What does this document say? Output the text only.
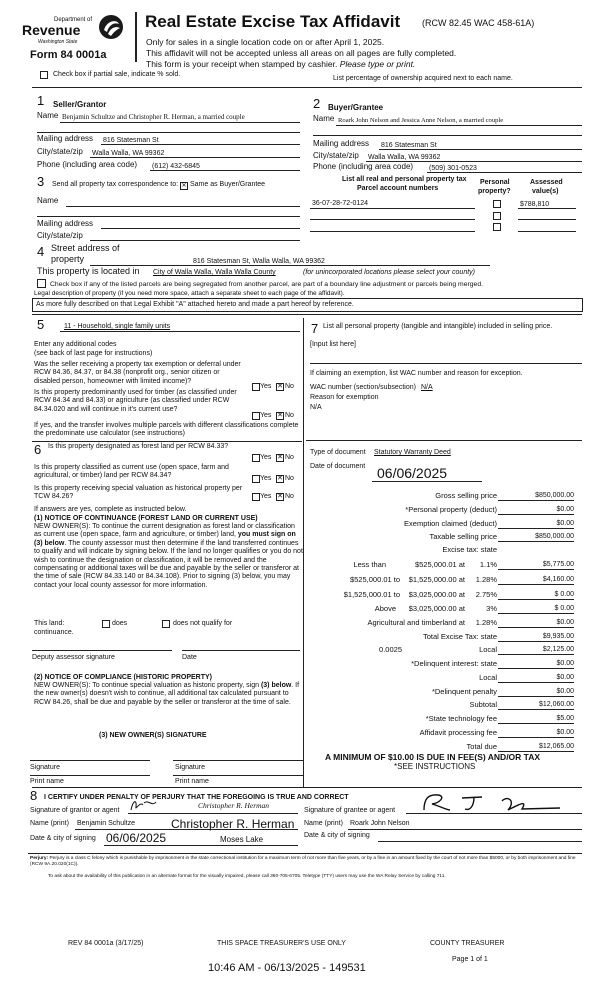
Department of
Revenue
Washington State
Form 84 0001a
Real Estate Excise Tax Affidavit (RCW 82.45 WAC 458-61A)
Only for sales in a single location code on or after April 1, 2025.
This affidavit will not be accepted unless all areas on all pages are fully completed.
This form is your receipt when stamped by cashier. Please type or print.
Check box if partial sale, indicate % sold.
List percentage of ownership acquired next to each name.
1 Seller/Grantor
Name Benjamin Schultze and Christopher R. Herman, a married couple
Mailing address 816 Statesman St
City/state/zip Walla Walla, WA 99362
Phone (including area code) (612) 432-6845
2 Buyer/Grantee
Name Roark John Nelson and Jessica Anne Nelson, a married couple
Mailing address 816 Statesman St
City/state/zip Walla Walla, WA 99362
Phone (including area code) (509) 301-0523
3 Send all property tax correspondence to: ✕ Same as Buyer/Grantee
Name
Mailing address
City/state/zip
List all real and personal property tax
Parcel account numbers
Personal
property?
Assessed
value(s)
36-07-28-72-0124	$788,810
4 Street address of
property	816 Statesman St, Walla Walla, WA 99362
This property is located in City of Walla Walla, Walla Walla County	(for unincorporated locations please select your county)
Check box if any of the listed parcels are being segregated from another parcel, are part of a boundary line adjustment or parcels being merged.
Legal description of property (if you need more space, attach a separate sheet to each page of the affidavit).
As more fully described on that Legal Exhibit "A" attached hereto and made a part hereof by reference.
5	11 - Household, single family units
Enter any additional codes
(see back of last page for instructions)
Was the seller receiving a property tax exemption or deferral under RCW 84.36, 84.37, or 84.38 (nonprofit org., senior citizen or disabled person, homeowner with limited income)?
Yes ✕ No
Is this property predominantly used for timber (as classified under RCW 84.34 and 84.33) or agriculture (as classified under RCW 84.34.020 and will continue in it's current use?
Yes ✕ No
If yes, and the transfer involves multiple parcels with different classifications complete the predominate use calculator (see instructions)
6 Is this property designated as forest land per RCW 84.33?
Yes ✕ No
Is this property classified as current use (open space, farm and agricultural, or timber) land per RCW 84.34?	Yes ✕ No
Is this property receiving special valuation as historical property per TCW 84.26?	Yes ✕ No
If answers are yes, complete as instructed below.
(1) NOTICE OF CONTINUANCE (FOREST LAND OR CURRENT USE)
NEW OWNER(S): To continue the current designation as forest land or classification as current use (open space, farm and agriculture, or timber) land, you must sign on (3) below. The county assessor must then determine if the land transferred continues to qualify and will indicate by signing below. If the land no longer qualifies or you do not wish to continue the designation or classification, it will be removed and the compensating or additional taxes will be due and payable by the seller or transferor at the time of sale (RCW 84.33.140 or 84.34.108). Prior to signing (3) below, you may contact your local county assessor for more information.
This land:
continuance.
does	does not qualify for
Deputy assessor signature	Date
(2) NOTICE OF COMPLIANCE (HISTORIC PROPERTY)
NEW OWNER(S): To continue special valuation as historic property, sign (3) below. If the new owner(s) doesn't wish to continue, all additional tax calculated pursuant to RCW 84.26, shall be due and payable by the seller or transferor at the time of sale.
(3) NEW OWNER(S) SIGNATURE
Signature	Signature
Print name	Print name
7 List all personal property (tangible and intangible) included in selling price.
[Input list here]
If claiming an exemption, list WAC number and reason for exception.
WAC number (section/subsection) N/A
Reason for exemption
N/A
Type of document Statutory Warranty Deed
Date of document 06/06/2025
Gross selling price	$850,000.00
*Personal property (deduct)	$0.00
Exemption claimed (deduct)	$0.00
Taxable selling price	$850,000.00
Excise tax: state
Less than	$525,000.01 at 1.1%	$5,775.00
$525,000.01 to $1,525,000.00 at 1.28%	$4,160.00
$1,525,000.01 to $3,025,000.00 at 2.75%	$ 0.00
Above $3,025,000.00 at	3%	$ 0.00
Agricultural and timberland at 1.28%	$0.00
Total Excise Tax: state	$9,935.00
0.0025	Local	$2,125.00
*Delinquent interest: state	$0.00
Local	$0.00
*Delinquent penalty	$0.00
Subtotal	$12,060.00
*State technology fee	$5.00
Affidavit processing fee	$0.00
Total due	$12,065.00
A MINIMUM OF $10.00 IS DUE IN FEE(S) AND/OR TAX
*SEE INSTRUCTIONS
8 I CERTIFY UNDER PENALTY OF PERJURY THAT THE FOREGOING IS TRUE AND CORRECT
Signature of grantor or agent
Christopher R. Herman
Signature of grantee or agent
Name (print) Benjamin Schultze	Christopher R. Herman Name (print) Roark John Nelson
Date & city of signing 06/06/2025	Moses Lake	Date & city of signing
Perjury: Perjury is a class C felony which is punishable by imprisonment in the state correctional institution for a maximum term of not more than five years, or by a fine in an amount fixed by the court of not more than $5000, or by both imprisonment and fine (RCW 9A.20.020(1C)).
To ask about the availability of this publication in an alternate format for the visually impaired, please call 360-705-6705. Teletype (TTY) users may use the WA Relay Service by calling 711.
REV 84 0001a (3/17/25)	THIS SPACE TREASURER'S USE ONLY	COUNTY TREASURER
Page 1 of 1
10:46 AM - 06/13/2025 - 149531
